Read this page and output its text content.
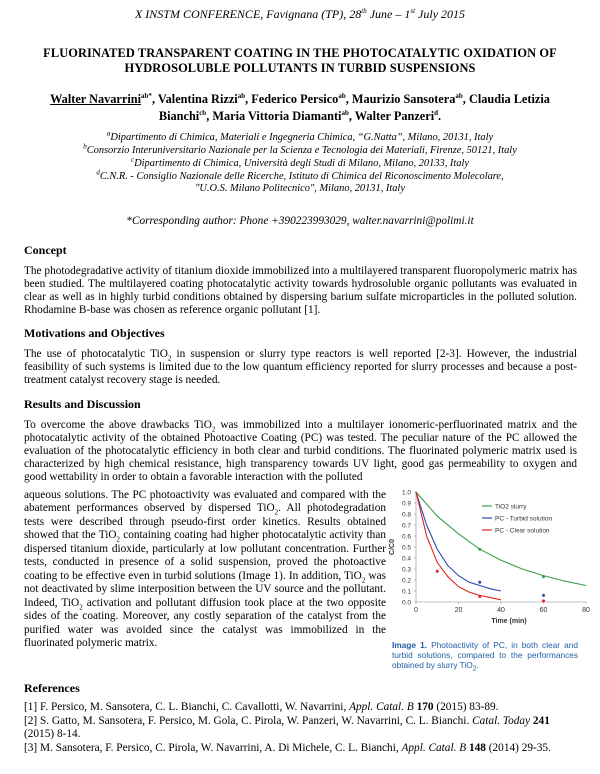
X INSTM CONFERENCE, Favignana (TP), 28th June – 1st July 2015
FLUORINATED TRANSPARENT COATING IN THE PHOTOCATALYTIC OXIDATION OF
HYDROSOLUBLE POLLUTANTS IN TURBID SUSPENSIONS
Walter Navarrini$^{ab*}$, Valentina Rizzi$^{ab}$, Federico Persico$^{ab}$, Maurizio Sansotera$^{ab}$, Claudia Letizia Bianchi$^{cb}$, Maria Vittoria Diamanti$^{ab}$, Walter Panzeri$^d$.
$^a$Dipartimento di Chimica, Materiali e Ingegneria Chimica, “G.Natta”, Milano, 20131, Italy
$^b$Consorzio Interuniversitario Nazionale per la Scienza e Tecnologia dei Materiali, Firenze, 50121, Italy
$^c$Dipartimento di Chimica, Università degli Studi di Milano, Milano, 20133, Italy
$^d$C.N.R. - Consiglio Nazionale delle Ricerche, Istituto di Chimica del Riconoscimento Molecolare, "U.O.S. Milano Politecnico", Milano, 20131, Italy
*Corresponding author: Phone +390223993029, walter.navarrini@polimi.it
Concept
The photodegradative activity of titanium dioxide immobilized into a multilayered transparent fluoropolymeric matrix has been studied. The multilayered coating photocatalytic activity towards hydrosoluble organic pollutants was evaluated in clear as well as in highly turbid conditions obtained by dispersing barium sulfate microparticles in the polluted solution. Rhodamine B-base was chosen as reference organic pollutant [1].
Motivations and Objectives
The use of photocatalytic TiO$_2$ in suspension or slurry type reactors is well reported [2-3]. However, the industrial feasibility of such systems is limited due to the low quantum efficiency reported for slurry processes and because a post-treatment catalyst recovery stage is needed.
Results and Discussion
To overcome the above drawbacks TiO$_2$ was immobilized into a multilayer ionomeric-perfluorinated matrix and the photocatalytic activity of the obtained Photoactive Coating (PC) was tested. The peculiar nature of the PC allowed the evaluation of the photocatalytic efficiency in both clear and turbid conditions. The fluorinated polymeric matrix used is characterized by high chemical resistance, high transparency towards UV light, good gas permeability to oxygen and good wettability in order to obtain a favorable interaction with the polluted
aqueous solutions. The PC photoactivity was evaluated and compared with the abatement performances observed by dispersed TiO$_2$. All photodegradation tests were described through pseudo-first order kinetics. Results obtained showed that the TiO$_2$ containing coating had higher photocatalytic activity than dispersed titanium dioxide, particularly at low pollutant concentration. Further tests, conducted in presence of a solid suspension, proved the photoactive coating to be effective even in turbid solutions (Image 1). In addition, TiO$_2$ was not deactivated by slime interposition between the UV source and the pollutant. Indeed, TiO$_2$ activation and pollutant diffusion took place at the two opposite sides of the coating. Moreover, any costly separation of the catalyst from the purified water was avoided since the catalyst was immobilized in the fluorinated polymeric matrix.
0.0
0.1
0.2
0.3
0.4
0.5
0.6
0.7
0.8
0.9
1.0
0	20	40	60	80
Time (min)
C/C0
TiO2 slurry
PC - Turbid solution
PC - Clear solution
Image 1. Photoactivity of PC, in both clear and turbid solutions, compared to the performances obtained by slurry TiO$_2$.
References
[1] F. Persico, M. Sansotera, C. L. Bianchi, C. Cavallotti, W. Navarrini, Appl. Catal. B 170 (2015) 83-89.
[2] S. Gatto, M. Sansotera, F. Persico, M. Gola, C. Pirola, W. Panzeri, W. Navarrini, C. L. Bianchi. Catal. Today 241 (2015) 8-14.
[3] M. Sansotera, F. Persico, C. Pirola, W. Navarrini, A. Di Michele, C. L. Bianchi, Appl. Catal. B 148 (2014) 29-35.
